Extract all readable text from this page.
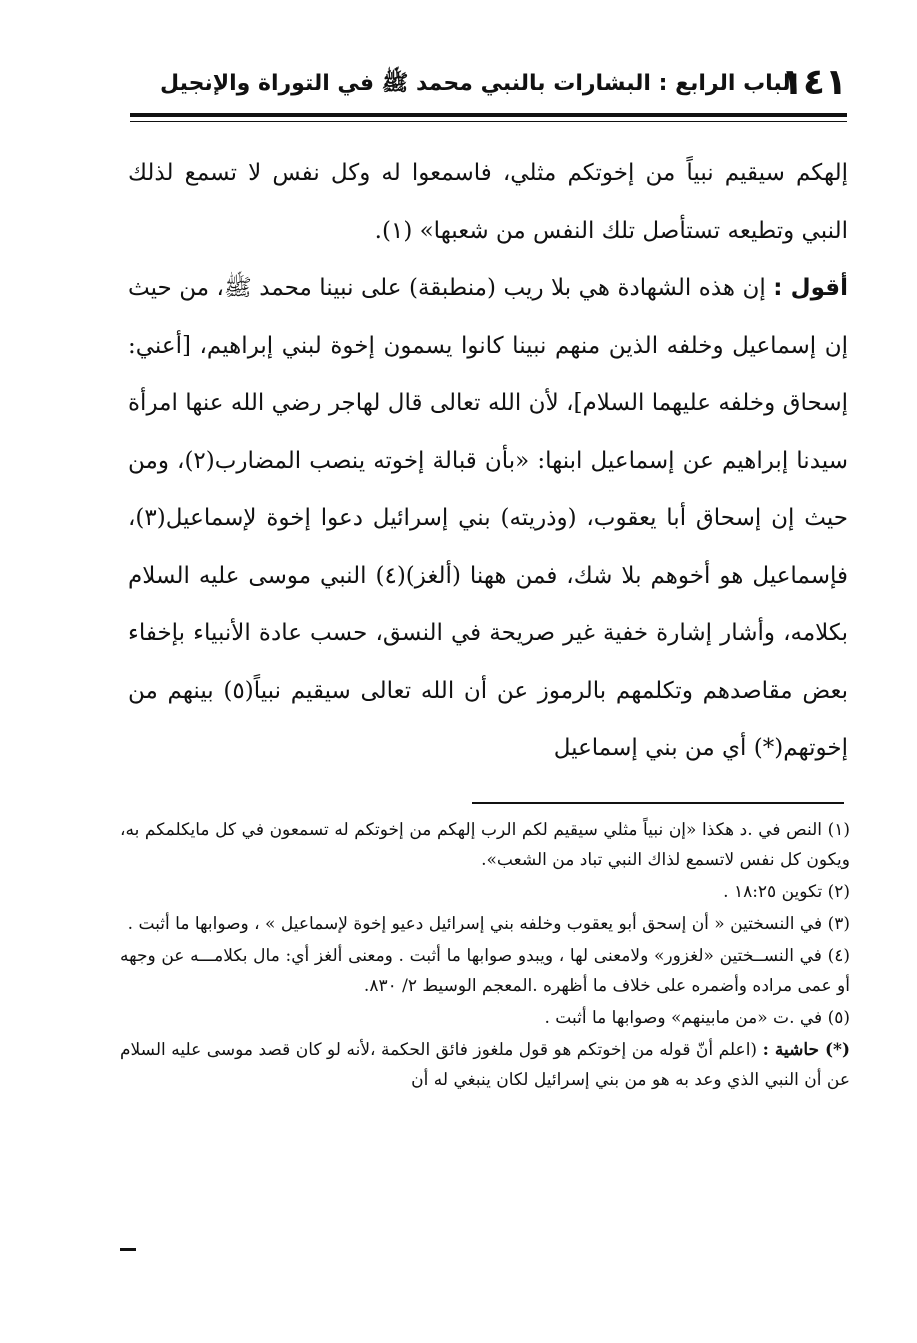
١٤١
الباب الرابع : البشارات بالنبي محمد ﷺ في التوراة والإنجيل

إلهكم سيقيم نبياً من إخوتكم مثلي، فاسمعوا له وكل نفس لا تسمع لذلك النبي وتطيعه تستأصل تلك النفس من شعبها» (١).

أقول : إن هذه الشهادة هي بلا ريب (منطبقة) على نبينا محمد ﷺ، من حيث إن إسماعيل وخلفه الذين منهم نبينا كانوا يسمون إخوة لبني إبراهيم، [أعني: إسحاق وخلفه عليهما السلام]، لأن الله تعالى قال لهاجر رضي الله عنها امرأة سيدنا إبراهيم عن إسماعيل ابنها: «بأن قبالة إخوته ينصب المضارب(٢)، ومن حيث إن إسحاق أبا يعقوب، (وذريته) بني إسرائيل دعوا إخوة لإسماعيل(٣)، فإسماعيل هو أخوهم بلا شك، فمن ههنا (ألغز)(٤) النبي موسى عليه السلام بكلامه، وأشار إشارة خفية غير صريحة في النسق، حسب عادة الأنبياء بإخفاء بعض مقاصدهم وتكلمهم بالرموز عن أن الله تعالى سيقيم نبياً(٥) بينهم من إخوتهم(*) أي من بني إسماعيل

(١) النص في .د هكذا «إن نبياً مثلي سيقيم لكم الرب إلهكم من إخوتكم له تسمعون في كل مايكلمكم به، ويكون كل نفس لاتسمع لذاك النبي تباد من الشعب».

(٢) تكوين ١٨:٢٥ .

(٣) في النسختين « أن إسحق أبو يعقوب وخلفه بني إسرائيل دعيو إخوة لإسماعيل » ، وصوابها ما أثبت .

(٤) في النســختين «لغزور» ولامعنى لها ، ويبدو صوابها ما أثبت . ومعنى ألغز أي: مال بكلامـــه عن وجهه أو عمى مراده وأضمره على خلاف ما أظهره .المعجم الوسيط ٢/ ٨٣٠.

(٥) في .ت «من مابينهم» وصوابها ما أثبت .

(*) حاشية : (اعلم أنّ قوله من إخوتكم هو قول ملغوز فائق الحكمة ،لأنه لو كان قصد موسى عليه السلام عن أن النبي الذي وعد به هو من بني إسرائيل لكان ينبغي له أن
